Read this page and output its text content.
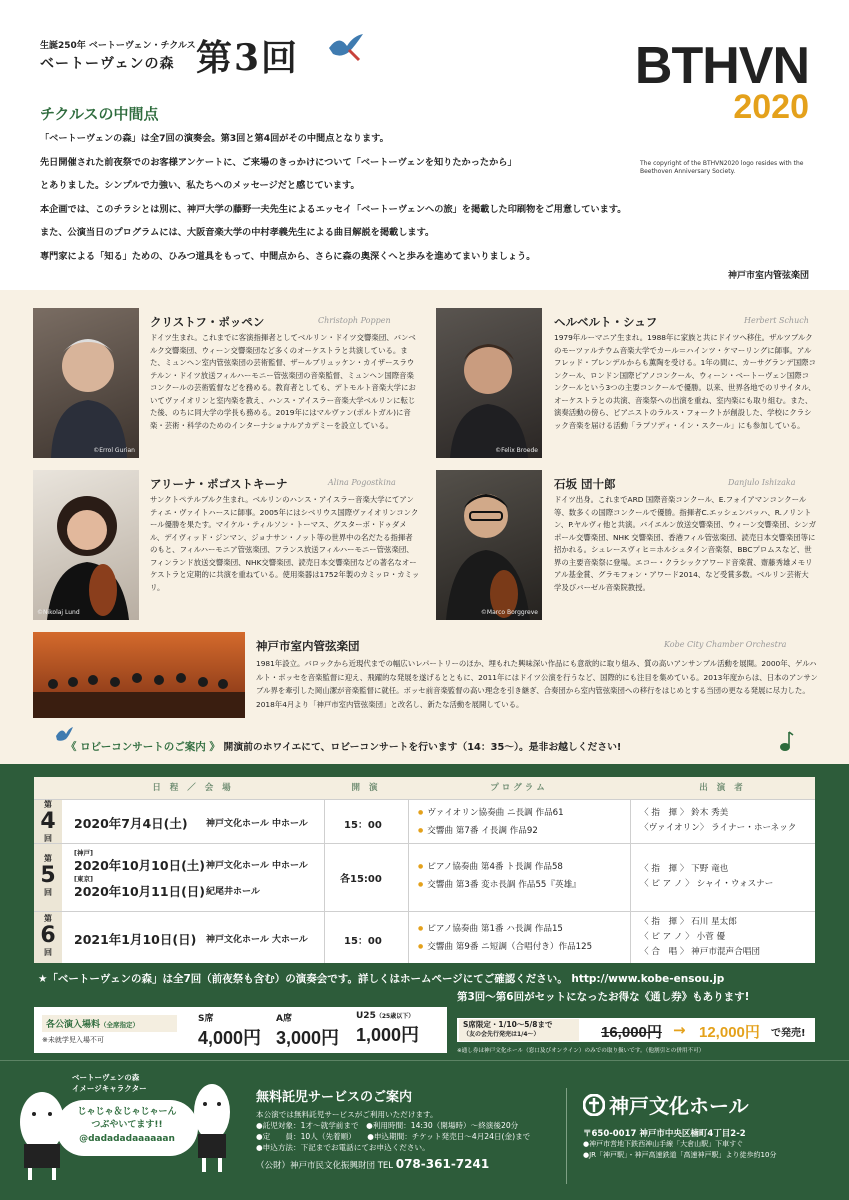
生誕250年 ベートーヴェン・チクルス
ベートーヴェンの森 第3回	BTHVN
2020
The copyright of the BTHVN2020 logo resides with the Beethoven Anniversary Society.
チクルスの中間点

「ベートーヴェンの森」は全7回の演奏会。第3回と第4回がその中間点となります。

先日開催された前夜祭でのお客様アンケートに、ご来場のきっかけについて「ベートーヴェンを知りたかったから」

とありました。シンプルで力強い、私たちへのメッセージだと感じています。

本企画では、このチラシとは別に、神戸大学の藤野一夫先生によるエッセイ「ベートーヴェンへの旅」を掲載した印刷物をご用意しています。

また、公演当日のプログラムには、大阪音楽大学の中村孝義先生による曲目解説を掲載します。

専門家による「知る」ための、ひみつ道具をもって、中間点から、さらに森の奥深くへと歩みを進めてまいりましょう。

神戸市室内管弦楽団
©Errol Gurian
クリストフ・ポッペン	Christoph Poppen
ドイツ生まれ。これまでに客演指揮者としてベルリン・ドイツ交響楽団、バンベルク交響楽団、ウィーン交響楽団など多くのオーケストラと共演している。また、ミュンヘン室内管弦楽団の芸術監督、ザールブリュッケン・カイザースラウテルン・ドイツ放送フィルハーモニー管弦楽団の音楽監督、ミュンヘン国際音楽コンクールの芸術監督などを務める。教育者としても、デトモルト音楽大学においてヴァイオリンと室内楽を教え、ハンス・アイスラー音楽大学ベルリンに転じた後、のちに同大学の学長も務める。2019年にはマルヴァン(ポルトガル)に音楽・芸術・科学のためのインターナショナルアカデミーを設立している。
©Felix Broede
ヘルベルト・シュフ	Herbert Schuch
1979年ルーマニア生まれ。1988年に家族と共にドイツへ移住。ザルツブルクのモーツァルテウム音楽大学でカール＝ハインツ・ケマーリングに師事。アルフレッド・ブレンデルからも薫陶を受ける。1年の間に、カーサグランデ国際コンクール、ロンドン国際ピアノコンクール、ウィーン・ベートーヴェン国際コンクールという3つの主要コンクールで優勝。以来、世界各地でのリサイタル、オーケストラとの共演、音楽祭への出演を重ね、室内楽にも取り組む。また、演奏活動の傍ら、ピアニストのラルス・フォークトが創設した、学校にクラシック音楽を届ける活動「ラプソディ・イン・スクール」にも参加している。
©Nikolaj Lund
アリーナ・ポゴストキーナ	Alina Pogostkina
サンクトペテルブルク生まれ。ベルリンのハンス・アイスラー音楽大学にてアンティエ・ヴァイトハースに師事。2005年にはシベリウス国際ヴァイオリンコンクール優勝を果たす。マイケル・ティルソン・トーマス、グスターボ・ドゥダメル、デイヴィッド・ジンマン、ジョナサン・ノット等の世界中の名だたる指揮者のもと、フィルハーモニア管弦楽団、フランス放送フィルハーモニー管弦楽団、フィンランド放送交響楽団、NHK交響楽団、読売日本交響楽団などの著名なオーケストラと定期的に共演を重ねている。使用楽器は1752年製のカミッロ・カミッリ。
©Marco Borggreve
石坂 団十郎	Danjulo Ishizaka
ドイツ出身。これまでARD 国際音楽コンクール、E.フォイアマンコンクール等、数多くの国際コンクールで優勝。指揮者C.エッシェンバッハ、R.ノリントン、P.ヤルヴィ他と共演。バイエルン放送交響楽団、ウィーン交響楽団、シンガポール交響楽団、NHK 交響楽団、香港フィル管弦楽団、読売日本交響楽団等に招かれる。シュレースヴィヒ＝ホルシュタイン音楽祭、BBCプロムスなど、世界の主要音楽祭に登場。エコー・クラシックアワード音楽賞、齋藤秀雄メモリアル基金賞、グラモフォン・アワード2014、など受賞多数。ベルリン芸術大学及びバーゼル音楽院教授。
神戸市室内管弦楽団	Kobe City Chamber Orchestra
1981年設立。バロックから近現代までの幅広いレパートリーのほか、埋もれた興味深い作品にも意欲的に取り組み、質の高いアンサンブル活動を展開。2000年、ゲルハルト・ボッセを音楽監督に迎え、飛躍的な発展を遂げるとともに、2011年にはドイツ公演を行うなど、国際的にも注目を集めている。2013年度からは、日本のアンサンブル界を牽引した岡山潔が音楽監督に就任。ボッセ前音楽監督の高い理念を引き継ぎ、合奏団から室内管弦楽団への移行をはじめとする当団の更なる発展に尽力した。2018年4月より「神戸市室内管弦楽団」と改名し、新たな活動を展開している。
《 ロビーコンサートのご案内 》 開演前のホワイエにて、ロビーコンサートを行います（14：35～）。是非お越しください!
日 程 ／ 会 場	開 演	プログラム	出 演 者
第
4
回
2020年7月4日(土) 神戸文化ホール 中ホール	15：00
● ヴァイオリン協奏曲 ニ長調 作品61
● 交響曲 第7番 イ長調 作品92
〈 指　揮 〉 鈴木 秀美
〈ヴァイオリン〉 ライナー・ホーネック
第
5
回
[神戸]
2020年10月10日(土) 神戸文化ホール 中ホール
[東京]
2020年10月11日(日) 紀尾井ホール
各15:00
● ピアノ協奏曲 第4番 ト長調 作品58
● 交響曲 第3番 変ホ長調 作品55『英雄』
〈 指　揮 〉 下野 竜也
〈 ピ ア ノ 〉 シャイ・ウォスナー
第
6
回
2021年1月10日(日) 神戸文化ホール 大ホール	15：00
● ピアノ協奏曲 第1番 ハ長調 作品15
● 交響曲 第9番 ニ短調（合唱付き）作品125
〈 指　揮 〉 石川 星太郎
〈 ピ ア ノ 〉 小菅 優
〈 合　唱 〉 神戸市混声合唱団
★「ベートーヴェンの森」は全7回（前夜祭も含む）の演奏会です。詳しくはホームページにてご確認ください。 http://www.kobe-ensou.jp
各公演入場料（全席指定）
※未就学児入場不可
S席
4,000円
A席
3,000円
U25（25歳以下）
1,000円
第3回～第6回がセットになったお得な《通し券》もあります!
S席限定・1/10～5/8まで
（友の会先行発売は1/4～）	16,000円 → 12,000円 で発売!
※通し券は神戸文化ホール（窓口及びオンライン）のみでの取り扱いです。（他割引との併用不可）
ベートーヴェンの森
イメージキャラクター
じゃじゃ＆じゃじゃーん
つぶやいてます!!
@dadadadaaaaaan
無料託児サービスのご案内
本公演では無料託児サービスがご利用いただけます。
●託児対象：1才～就学前まで　●利用時間：14:30（開場時）～終演後20分
●定　　員：10人（先着順）　　●申込期間：チケット発売日～4月24日(金)まで
●申込方法：下記までお電話にてお申込ください。
（公財）神戸市民文化振興財団 TEL 078-361-7241
神戸文化ホール
〒650-0017 神戸市中央区楠町4丁目2-2
●神戸市営地下鉄西神山手線「大倉山駅」下車すぐ
●JR「神戸駅」・神戸高速鉄道「高速神戸駅」より徒歩約10分
